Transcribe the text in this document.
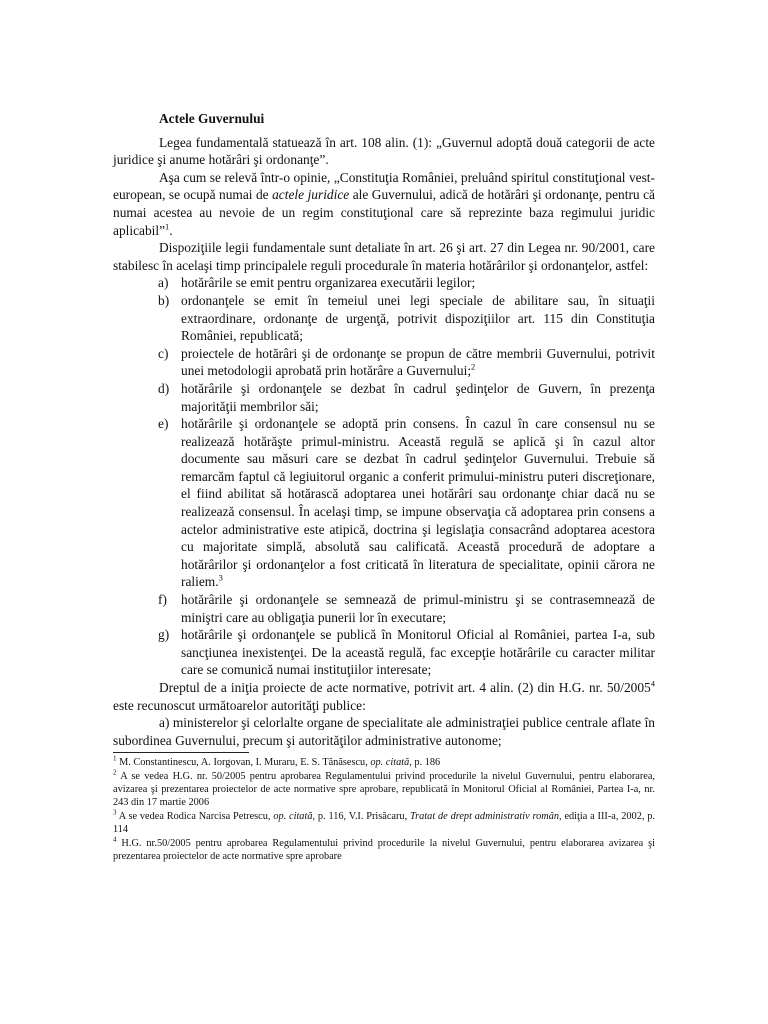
Actele Guvernului

Legea fundamentală statuează în art. 108 alin. (1): „Guvernul adoptă două categorii de acte juridice şi anume hotărâri şi ordonanţe”.

Aşa cum se relevă într-o opinie, „Constituţia României, preluând spiritul constituţional vest-european, se ocupă numai de actele juridice ale Guvernului, adică de hotărâri şi ordonanţe, pentru că numai acestea au nevoie de un regim constituţional care să reprezinte baza regimului juridic aplicabil”$^1$.

Dispoziţiile legii fundamentale sunt detaliate în art. 26 şi art. 27 din Legea nr. 90/2001, care stabilesc în acelaşi timp principalele reguli procedurale în materia hotărârilor şi ordonanţelor, astfel:

a) hotărârile se emit pentru organizarea executării legilor;
b) ordonanţele se emit în temeiul unei legi speciale de abilitare sau, în situaţii extraordinare, ordonanţe de urgenţă, potrivit dispoziţiilor art. 115 din Constituţia României, republicată;
c) proiectele de hotărâri şi de ordonanţe se propun de către membrii Guvernului, potrivit unei metodologii aprobată prin hotărâre a Guvernului;$^2$
d) hotărârile şi ordonanţele se dezbat în cadrul şedinţelor de Guvern, în prezenţa majorităţii membrilor săi;
e) hotărârile şi ordonanţele se adoptă prin consens. În cazul în care consensul nu se realizează hotărăşte primul-ministru. Această regulă se aplică şi în cazul altor documente sau măsuri care se dezbat în cadrul şedinţelor Guvernului. Trebuie să remarcăm faptul că legiuitorul organic a conferit primului-ministru puteri discreţionare, el fiind abilitat să hotărască adoptarea unei hotărâri sau ordonanţe chiar dacă nu se realizează consensul. În acelaşi timp, se impune observaţia că adoptarea prin consens a actelor administrative este atipică, doctrina şi legislaţia consacrând adoptarea acestora cu majoritate simplă, absolută sau calificată. Această procedură de adoptare a hotărârilor şi ordonanţelor a fost criticată în literatura de specialitate, opinii cărora ne raliem.$^3$
f) hotărârile şi ordonanţele se semnează de primul-ministru şi se contrasemnează de miniştri care au obligaţia punerii lor în executare;
g) hotărârile şi ordonanţele se publică în Monitorul Oficial al României, partea I-a, sub sancţiunea inexistenţei. De la această regulă, fac excepţie hotărârile cu caracter militar care se comunică numai instituţiilor interesate;

Dreptul de a iniţia proiecte de acte normative, potrivit art. 4 alin. (2) din H.G. nr. 50/2005$^4$ este recunoscut următoarelor autorităţi publice:

a) ministerelor şi celorlalte organe de specialitate ale administraţiei publice centrale aflate în subordinea Guvernului, precum şi autorităţilor administrative autonome;

$^1$ M. Constantinescu, A. Iorgovan, I. Muraru, E. S. Tănăsescu, op. citată, p. 186

$^2$ A se vedea H.G. nr. 50/2005 pentru aprobarea Regulamentului privind procedurile la nivelul Guvernului, pentru elaborarea, avizarea şi prezentarea proiectelor de acte normative spre aprobare, republicată în Monitorul Oficial al României, Partea I-a, nr. 243 din 17 martie 2006

$^3$ A se vedea Rodica Narcisa Petrescu, op. citată, p. 116, V.I. Prisăcaru, Tratat de drept administrativ român, ediţia a III-a, 2002, p. 114

$^4$ H.G. nr.50/2005 pentru aprobarea Regulamentului privind procedurile la nivelul Guvernului, pentru elaborarea avizarea şi prezentarea proiectelor de acte normative spre aprobare
